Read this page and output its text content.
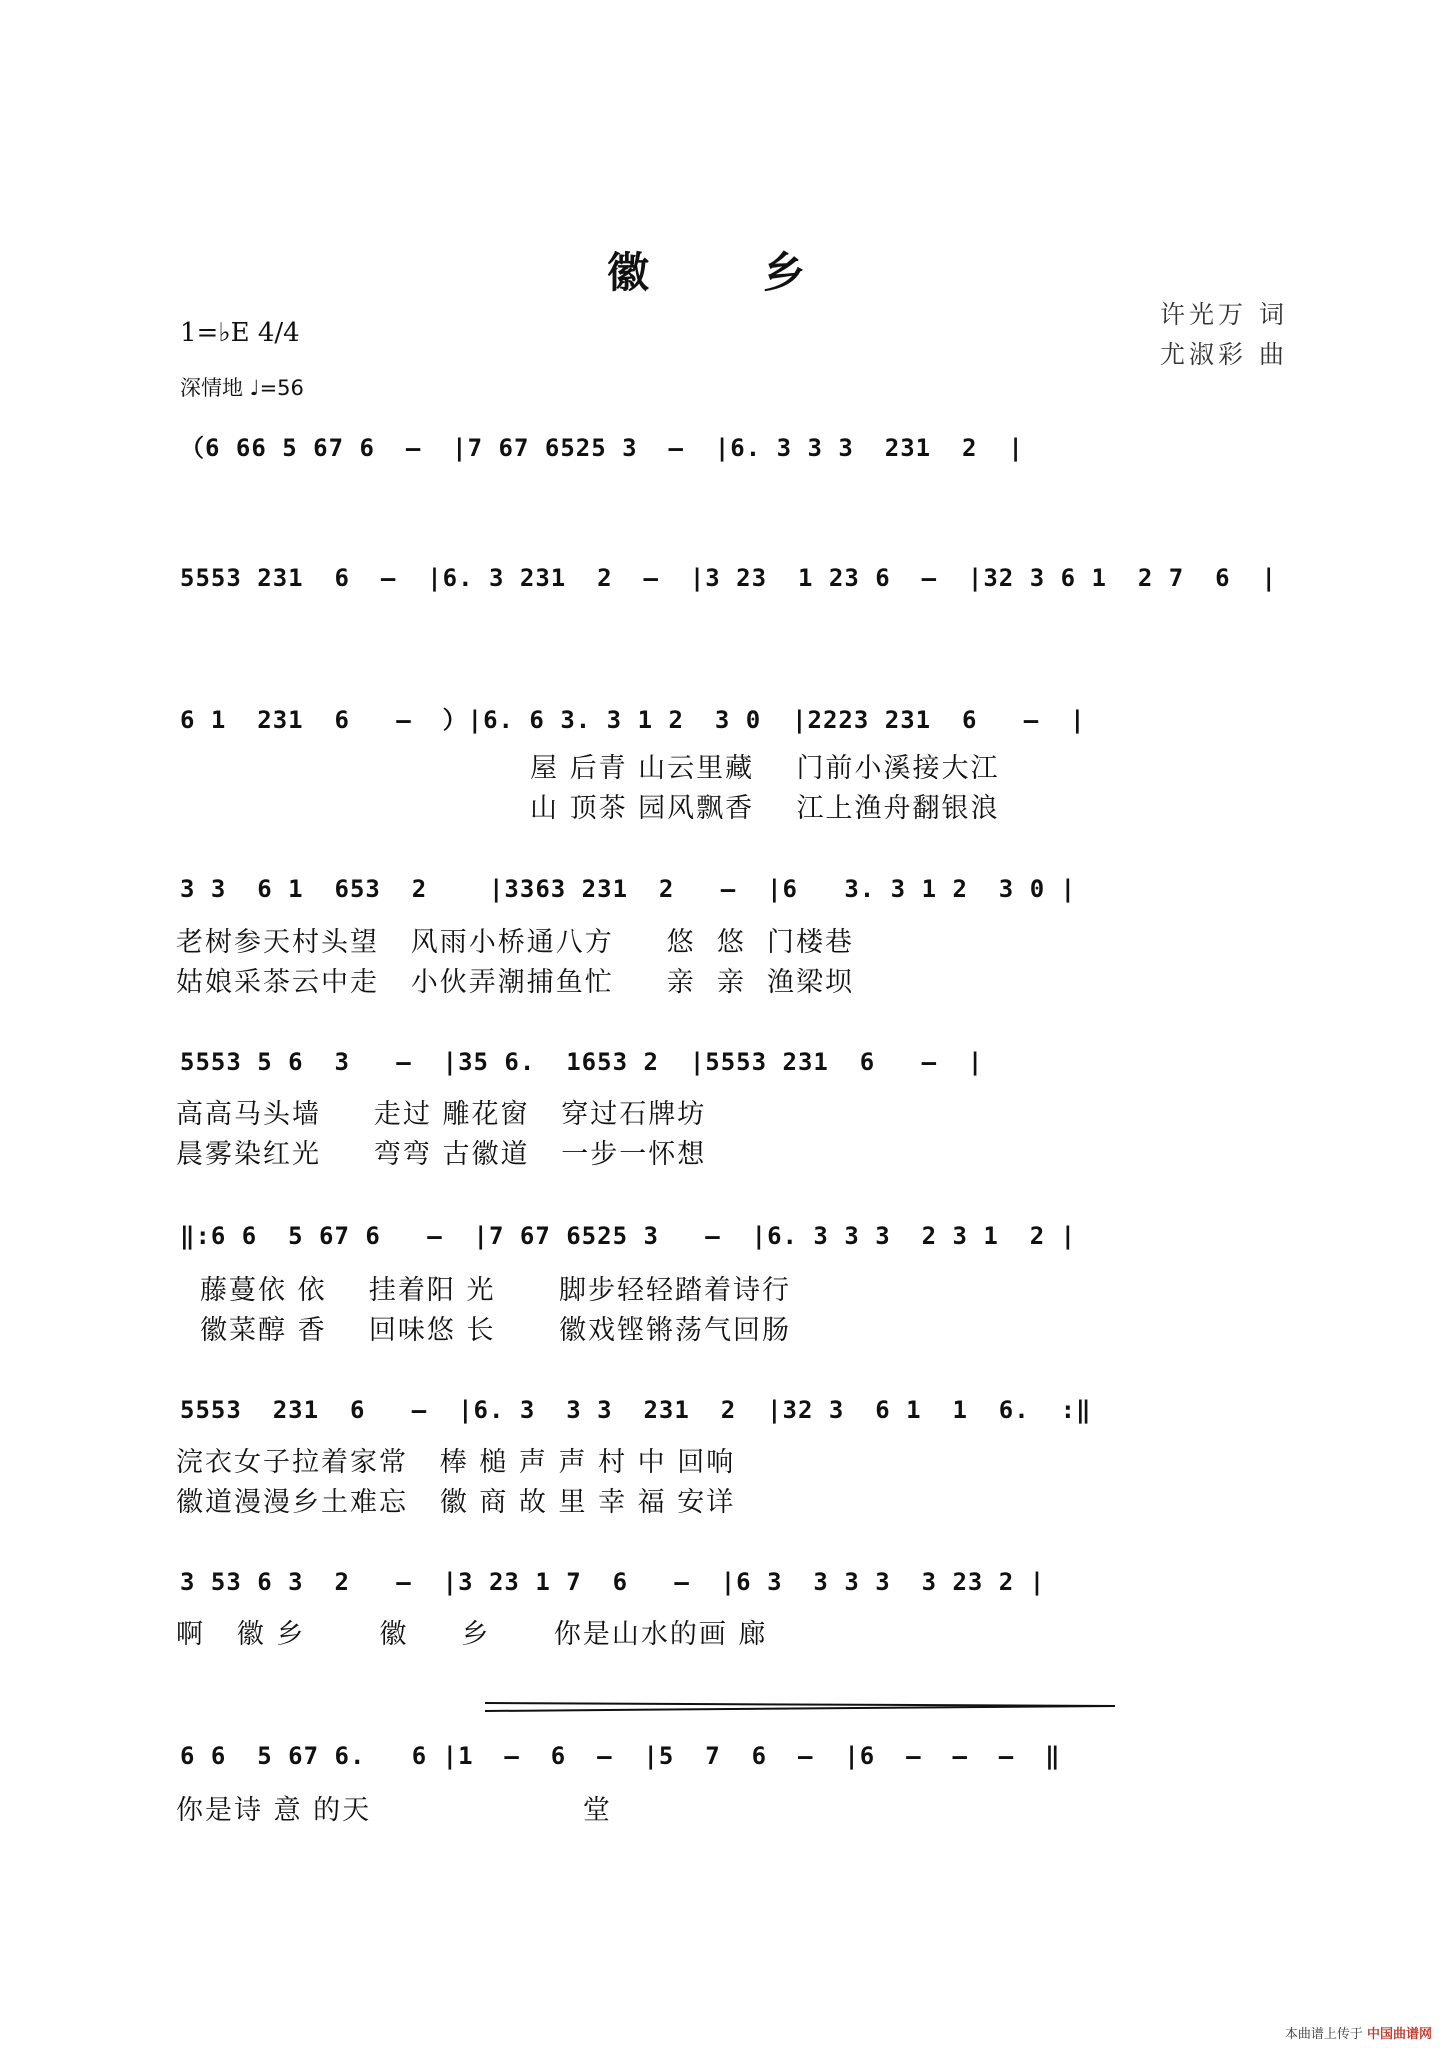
徽　乡
许光万 词
尤淑彩 曲
1=♭E 4/4
深情地 ♩=56
（6 66 5 67 6  –  |7 67 6525 3  –  |6. 3 3 3  231  2  |
5553 231  6  –  |6. 3 231  2  –  |3 23  1 23 6  –  |32 3 6 1  2 7  6  |
6 1  231  6   –  ）|6. 6 3. 3 1 2  3 0  |2223 231  6   –  |
屋 后青 山云里藏    门前小溪接大江
山 顶茶 园风飘香    江上渔舟翻银浪
3 3  6 1  653  2    |3363 231  2   –  |6   3. 3 1 2  3 0 |
老树参天村头望   风雨小桥通八方     悠  悠  门楼巷
姑娘采茶云中走   小伙弄潮捕鱼忙     亲  亲  渔梁坝
5553 5 6  3   –  |35 6.  1653 2  |5553 231  6   –  |
高高马头墙     走过 雕花窗   穿过石牌坊
晨雾染红光     弯弯 古徽道   一步一怀想
‖:6 6  5 67 6   –  |7 67 6525 3   –  |6. 3 3 3  2 3 1  2 |
藤蔓依 依    挂着阳 光      脚步轻轻踏着诗行
徽菜醇 香    回味悠 长      徽戏铿锵荡气回肠
5553  231  6   –  |6. 3  3 3  231  2  |32 3  6 1  1  6.  :‖
浣衣女子拉着家常   棒 槌 声 声 村 中 回响
徽道漫漫乡土难忘   徽 商 故 里 幸 福 安详
3 53 6 3  2   –  |3 23 1 7  6   –  |6 3  3 3 3  3 23 2 |
啊   徽 乡       徽     乡      你是山水的画 廊
6 6  5 67 6.   6 |1  –  6  –  |5  7  6  –  |6  –  –  –  ‖
你是诗 意 的天                    堂
本曲谱上传于 中国曲谱网
